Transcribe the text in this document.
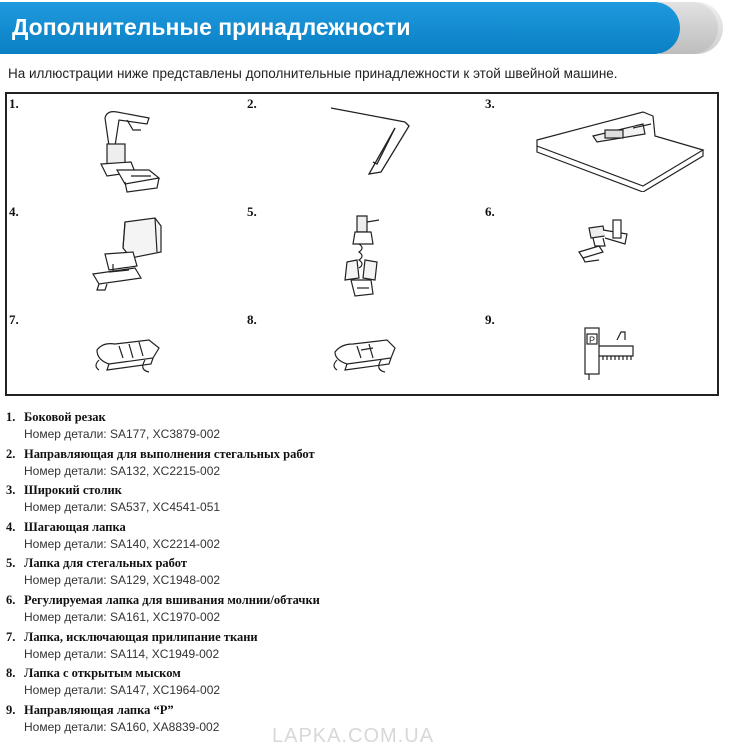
Дополнительные принадлежности
На иллюстрации ниже представлены дополнительные принадлежности к этой швейной машине.
1.	2.	3.
4.	5.	6.
7.	8.	9.
P
1. Боковой резак
Номер детали: SA177, XC3879-002
2. Направляющая для выполнения стегальных работ
Номер детали: SA132, XC2215-002
3. Широкий столик
Номер детали: SA537, XC4541-051
4. Шагающая лапка
Номер детали: SA140, XC2214-002
5. Лапка для стегальных работ
Номер детали: SA129, XC1948-002
6. Регулируемая лапка для вшивания молнии/обтачки
Номер детали: SA161, XC1970-002
7. Лапка, исключающая прилипание ткани
Номер детали: SA114, XC1949-002
8. Лапка с открытым мыском
Номер детали: SA147, XC1964-002
9. Направляющая лапка “P”
Номер детали: SA160, XA8839-002	LAPKA.COM.UA
